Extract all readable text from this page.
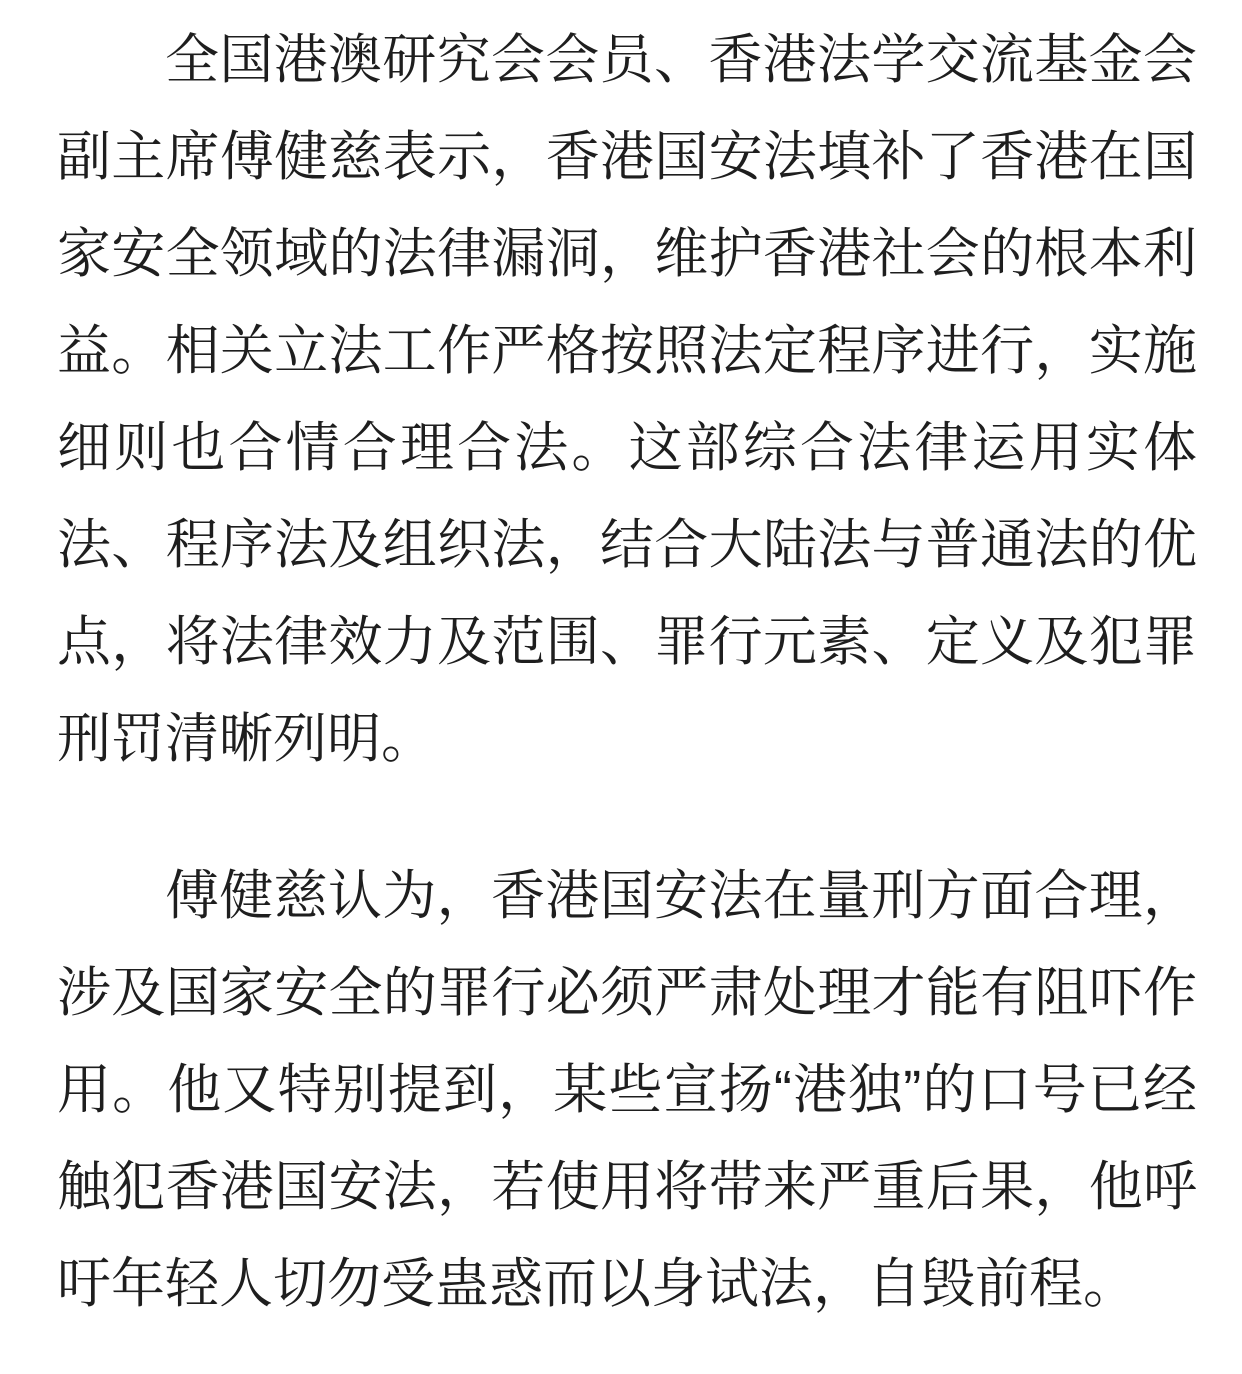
全国港澳研究会会员、香港法学交流基金会副主席傅健慈表示，香港国安法填补了香港在国家安全领域的法律漏洞，维护香港社会的根本利益。相关立法工作严格按照法定程序进行，实施细则也合情合理合法。这部综合法律运用实体法、程序法及组织法，结合大陆法与普通法的优点，将法律效力及范围、罪行元素、定义及犯罪刑罚清晰列明。

傅健慈认为，香港国安法在量刑方面合理，涉及国家安全的罪行必须严肃处理才能有阻吓作用。他又特别提到，某些宣扬“港独”的口号已经触犯香港国安法，若使用将带来严重后果，他呼吁年轻人切勿受蛊惑而以身试法，自毁前程。
